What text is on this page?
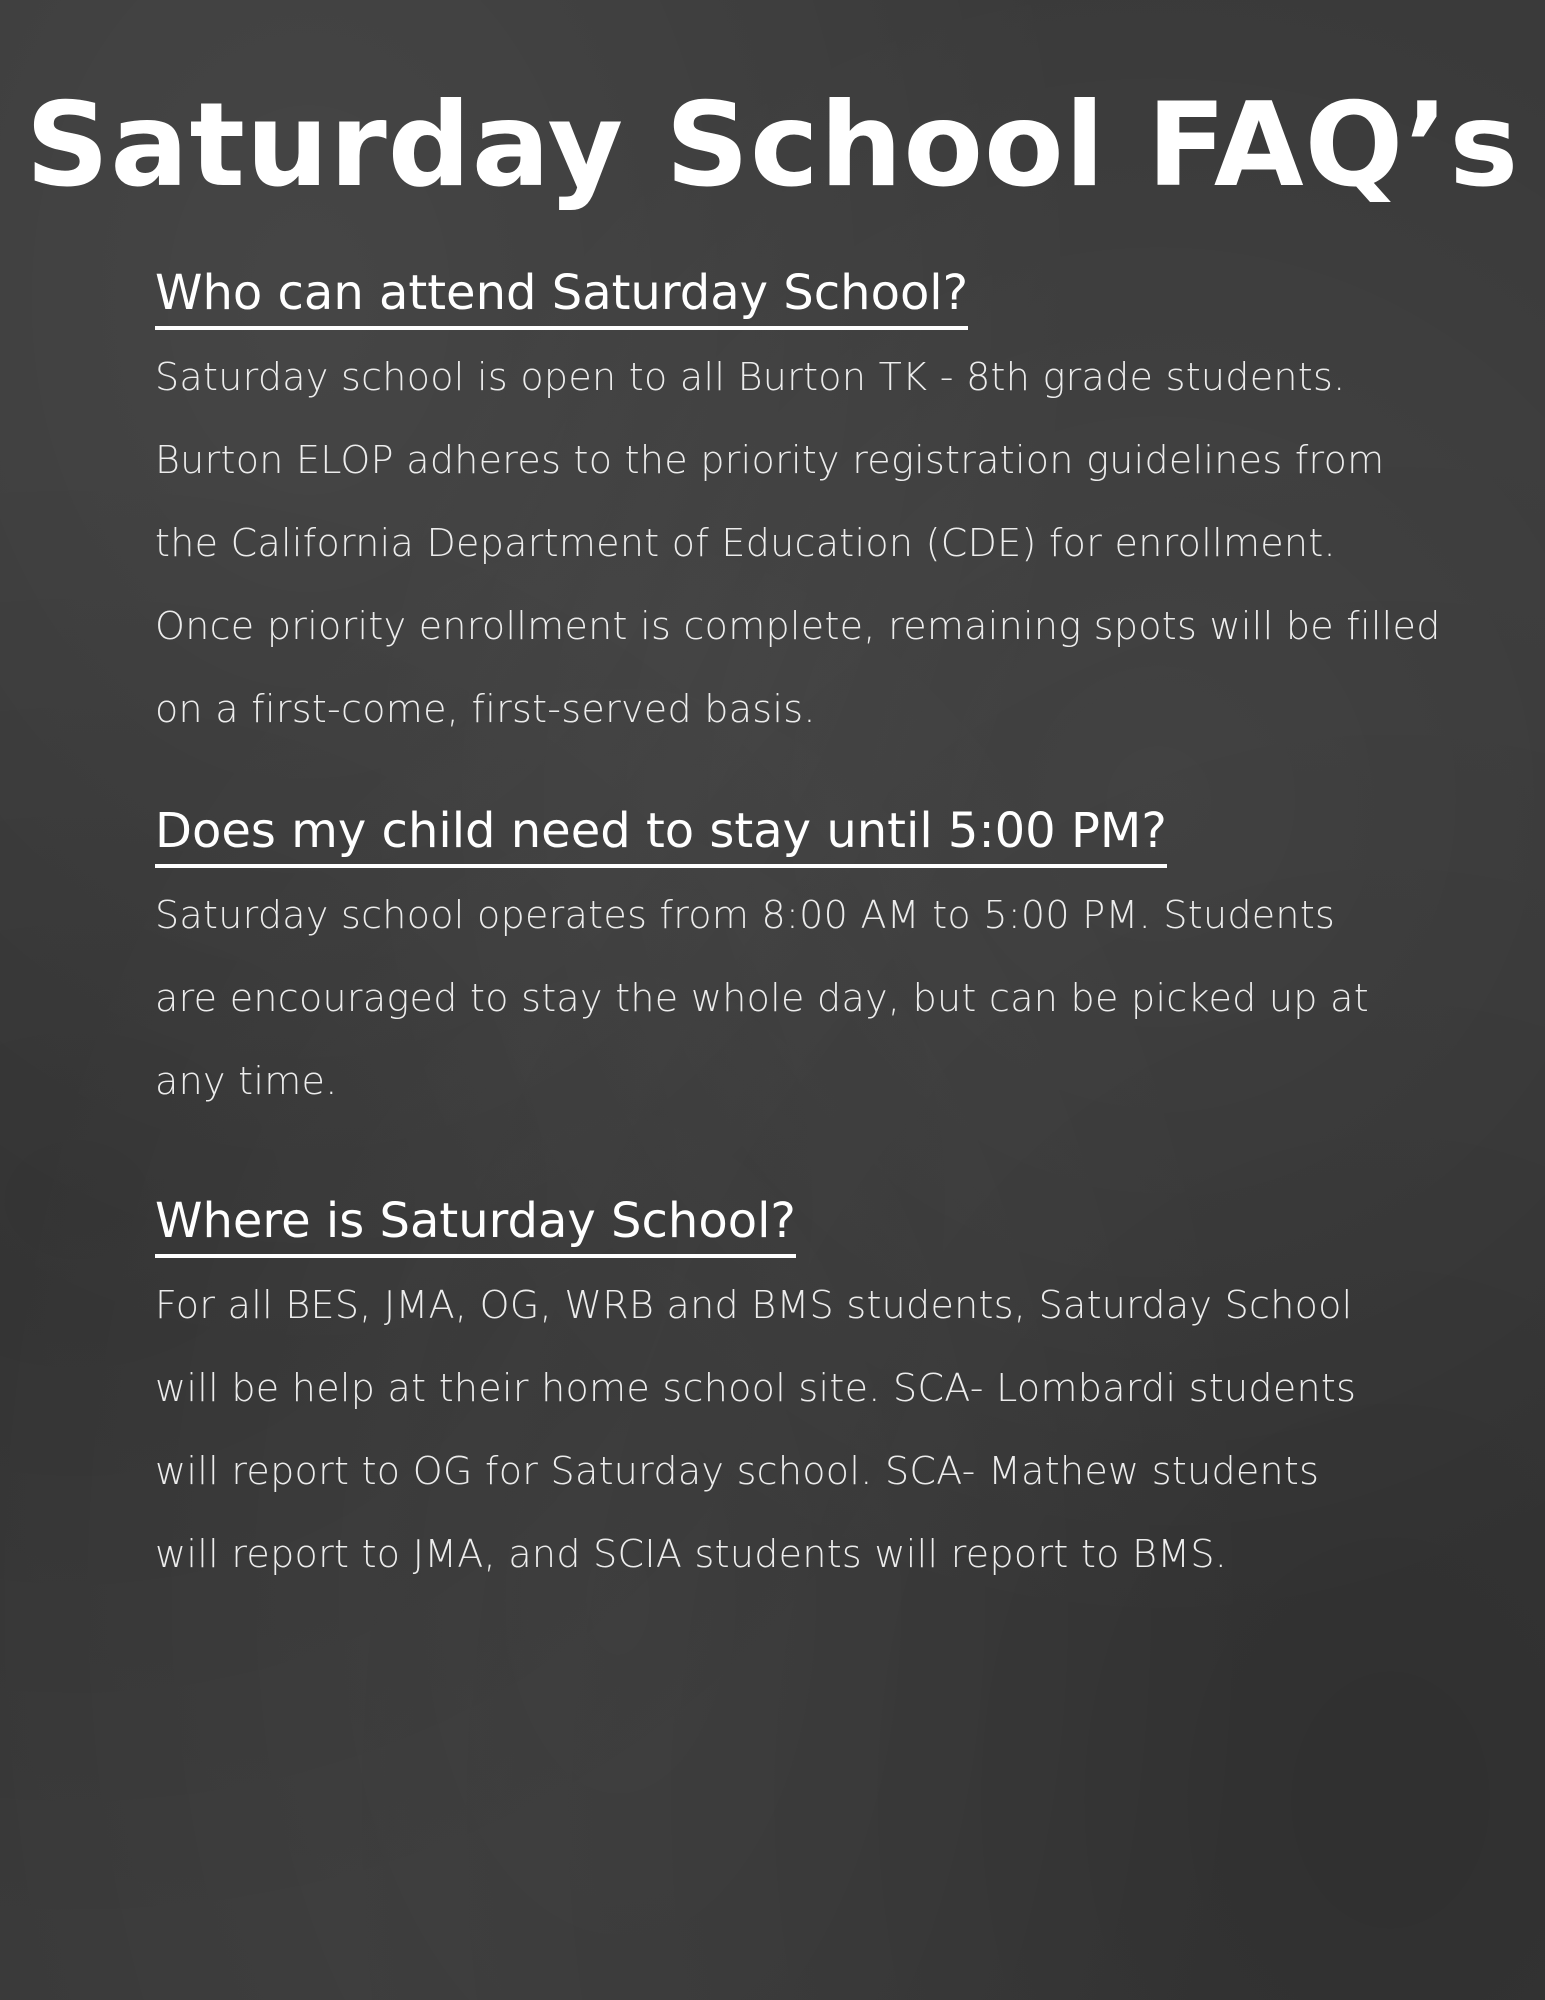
Saturday School FAQ’s
Who can attend Saturday School?

Saturday school is open to all Burton TK - 8th grade students.
Burton ELOP adheres to the priority registration guidelines from
the California Department of Education (CDE) for enrollment.
Once priority enrollment is complete, remaining spots will be filled
on a first-come, first-served basis.

Does my child need to stay until 5:00 PM?

Saturday school operates from 8:00 AM to 5:00 PM. Students
are encouraged to stay the whole day, but can be picked up at
any time.

Where is Saturday School?

For all BES, JMA, OG, WRB and BMS students, Saturday School
will be help at their home school site. SCA- Lombardi students
will report to OG for Saturday school. SCA- Mathew students
will report to JMA, and SCIA students will report to BMS.
